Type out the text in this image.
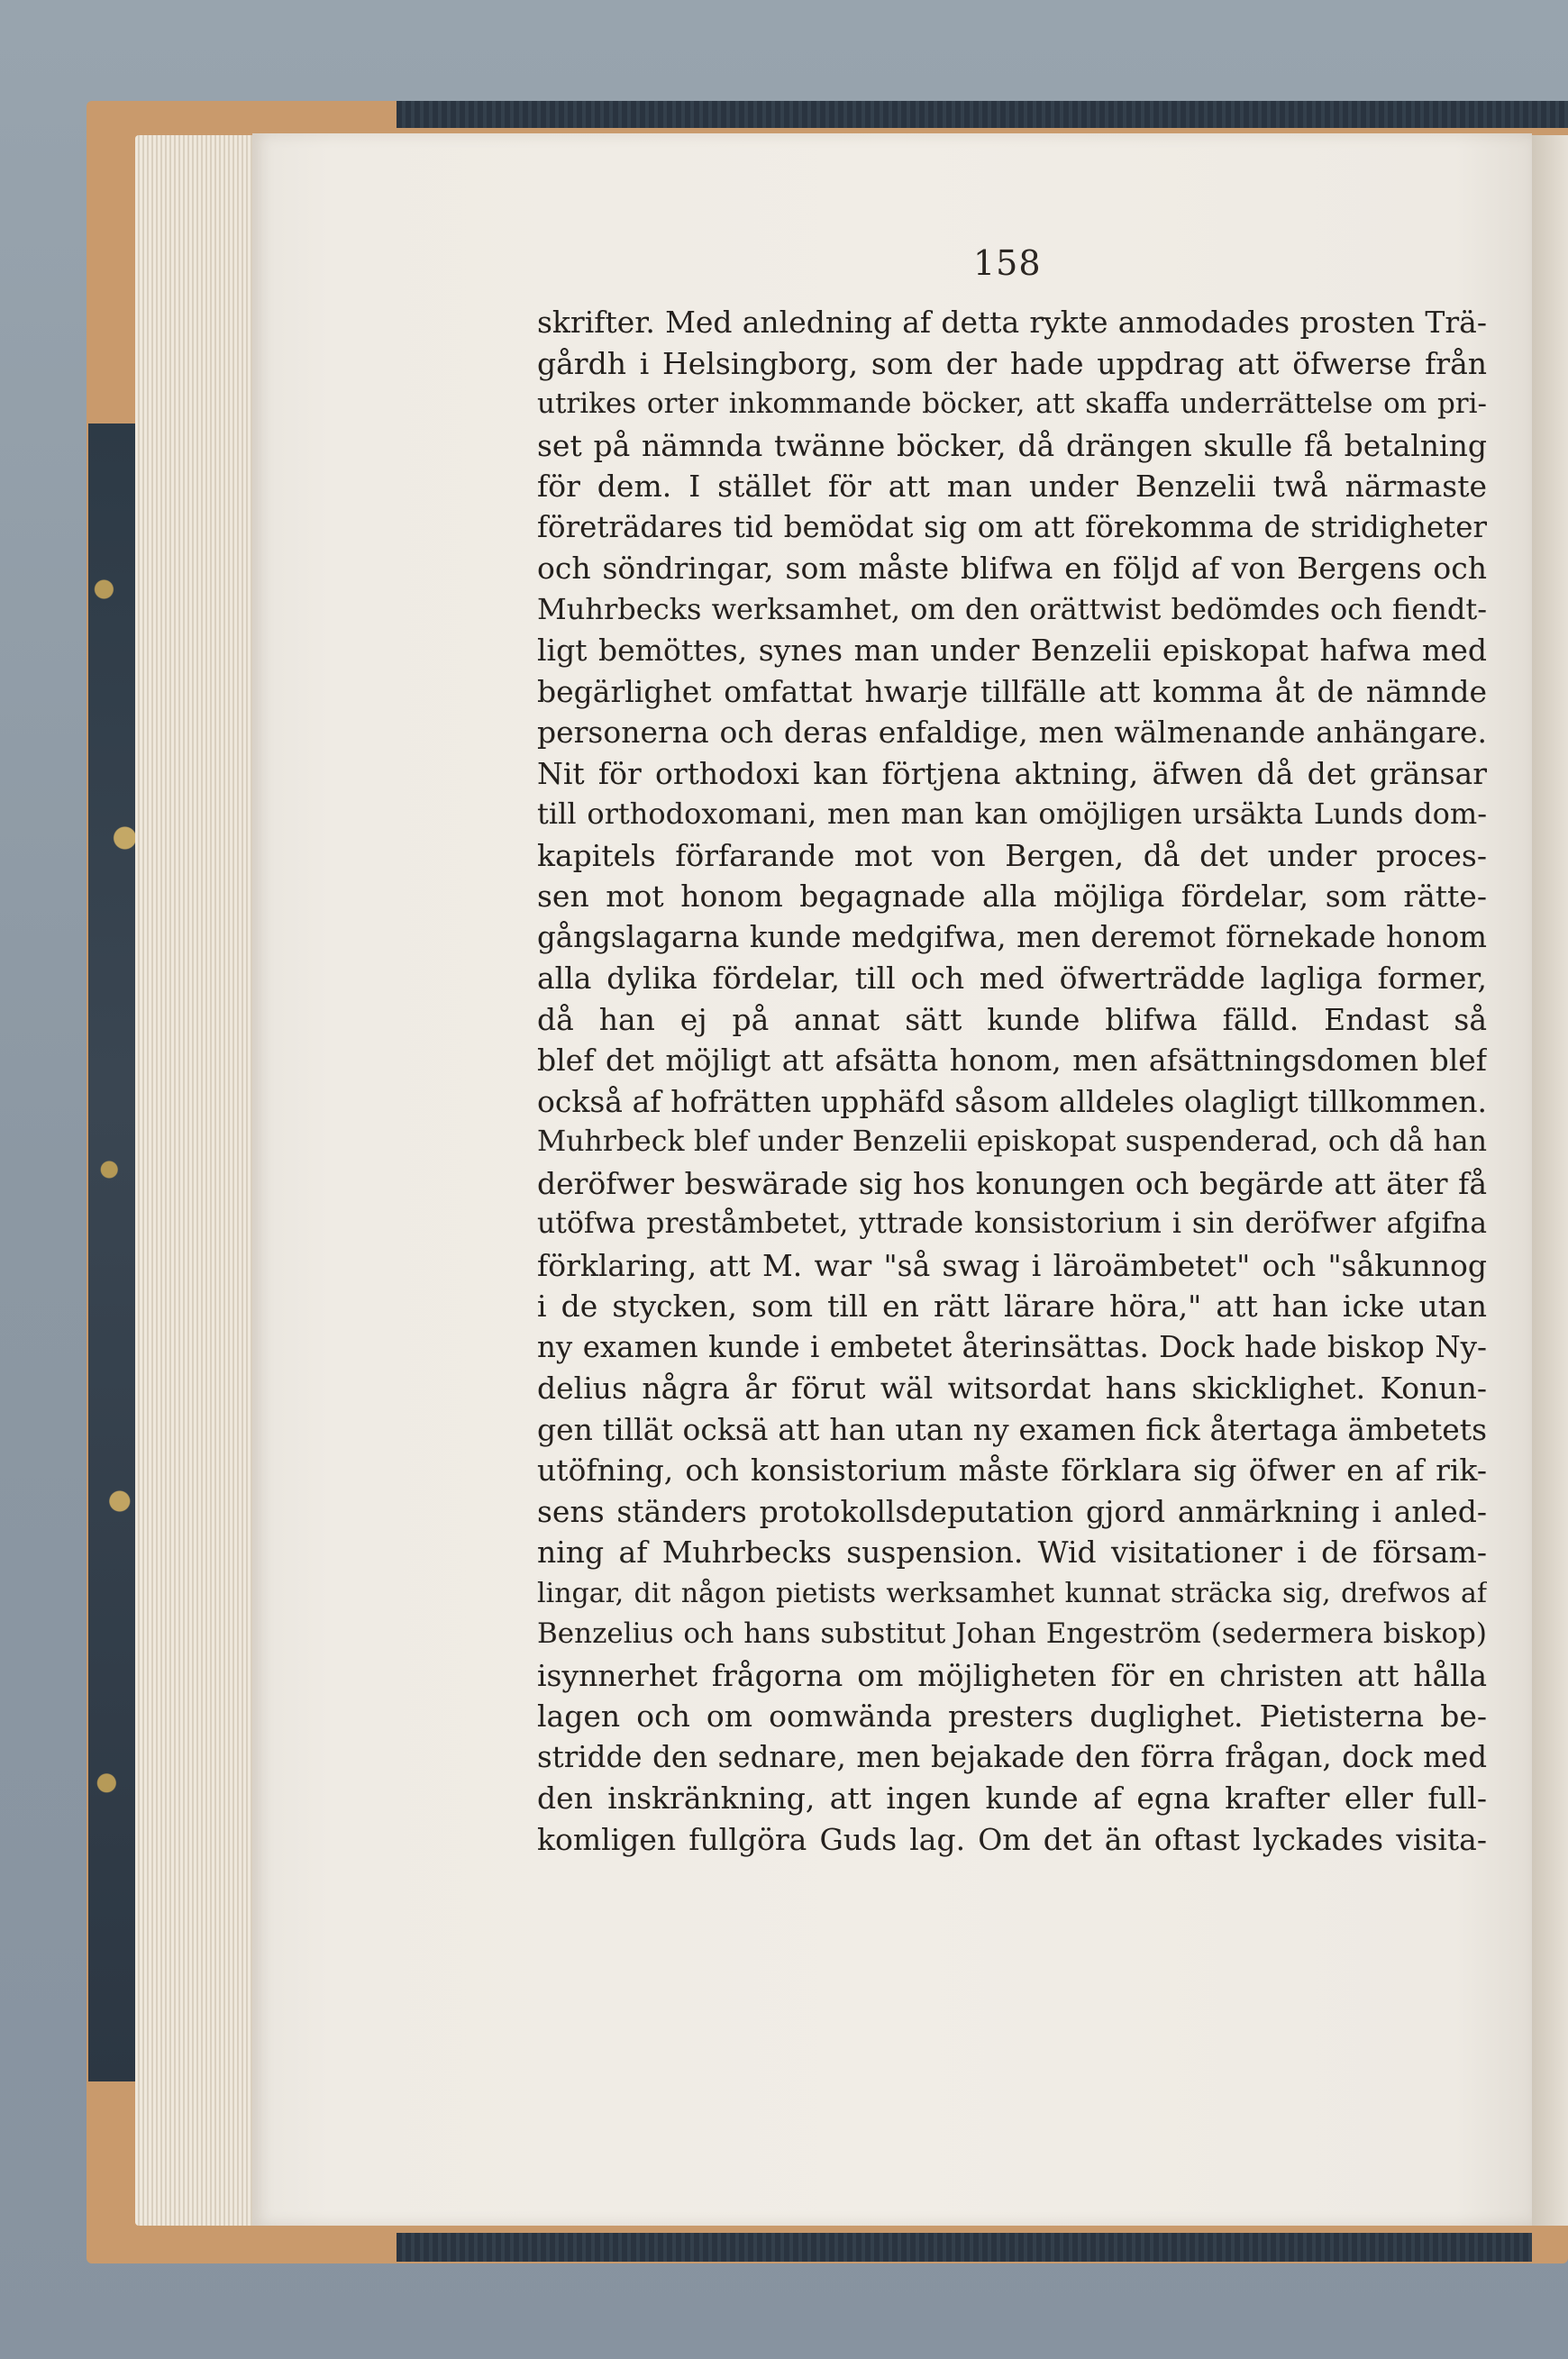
158
skrifter. Med anledning af detta rykte anmodades prosten Trä-
gårdh i Helsingborg, som der hade uppdrag att öfwerse från
utrikes orter inkommande böcker, att skaffa underrättelse om pri-
set på nämnda twänne böcker, då drängen skulle få betalning
för dem. I stället för att man under Benzelii twå närmaste
företrädares tid bemödat sig om att förekomma de stridigheter
och söndringar, som måste blifwa en följd af von Bergens och
Muhrbecks werksamhet, om den orättwist bedömdes och fiendt-
ligt bemöttes, synes man under Benzelii episkopat hafwa med
begärlighet omfattat hwarje tillfälle att komma åt de nämnde
personerna och deras enfaldige, men wälmenande anhängare.
Nit för orthodoxi kan förtjena aktning, äfwen då det gränsar
till orthodoxomani, men man kan omöjligen ursäkta Lunds dom-
kapitels förfarande mot von Bergen, då det under proces-
sen mot honom begagnade alla möjliga fördelar, som rätte-
gångslagarna kunde medgifwa, men deremot förnekade honom
alla dylika fördelar, till och med öfwerträdde lagliga former,
då han ej på annat sätt kunde blifwa fälld. Endast så
blef det möjligt att afsätta honom, men afsättningsdomen blef
också af hofrätten upphäfd såsom alldeles olagligt tillkommen.
Muhrbeck blef under Benzelii episkopat suspenderad, och då han
deröfwer beswärade sig hos konungen och begärde att äter få
utöfwa preståmbetet, yttrade konsistorium i sin deröfwer afgifna
förklaring, att M. war "så swag i läroämbetet" och "såkunnog
i de stycken, som till en rätt lärare höra," att han icke utan
ny examen kunde i embetet återinsättas. Dock hade biskop Ny-
delius några år förut wäl witsordat hans skicklighet. Konun-
gen tillät ocksä att han utan ny examen fick återtaga ämbetets
utöfning, och konsistorium måste förklara sig öfwer en af rik-
sens ständers protokollsdeputation gjord anmärkning i anled-
ning af Muhrbecks suspension. Wid visitationer i de försam-
lingar, dit någon pietists werksamhet kunnat sträcka sig, drefwos af
Benzelius och hans substitut Johan Engeström (sedermera biskop)
isynnerhet frågorna om möjligheten för en christen att hålla
lagen och om oomwända presters duglighet. Pietisterna be-
stridde den sednare, men bejakade den förra frågan, dock med
den inskränkning, att ingen kunde af egna krafter eller full-
komligen fullgöra Guds lag. Om det än oftast lyckades visita-
